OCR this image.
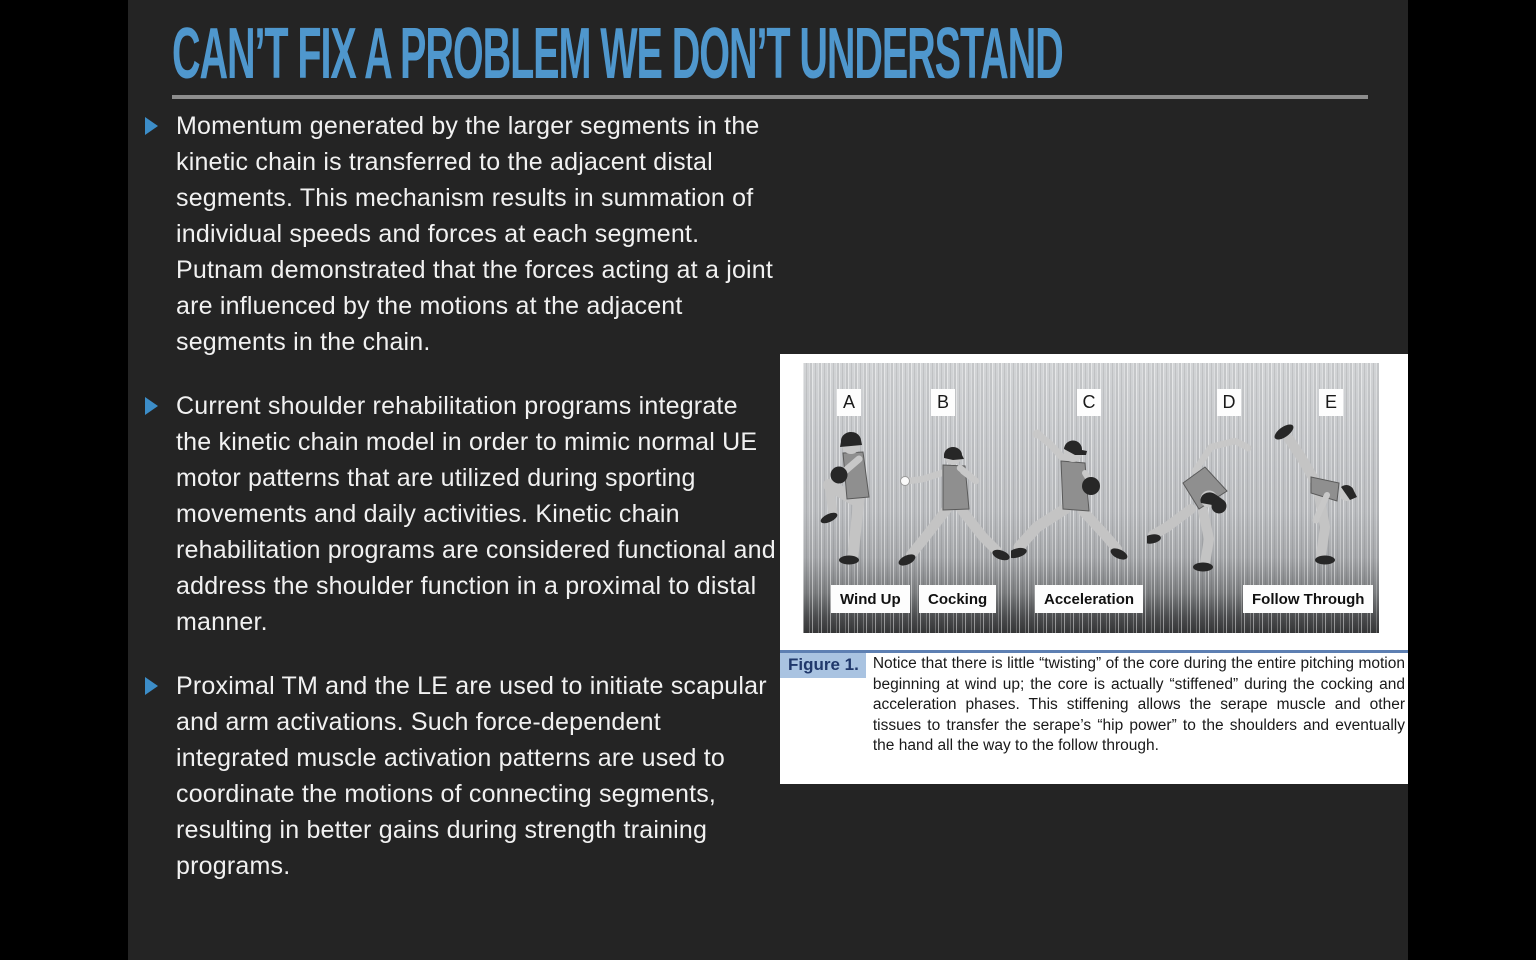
CAN’T FIX A PROBLEM WE DON’T UNDERSTAND

Momentum generated by the larger segments in the kinetic chain is transferred to the adjacent distal segments. This mechanism results in summation of individual speeds and forces at each segment. Putnam demonstrated that the forces acting at a joint are influenced by the motions at the adjacent segments in the chain.

Current shoulder rehabilitation programs integrate the kinetic chain model in order to mimic normal UE motor patterns that are utilized during sporting movements and daily activities. Kinetic chain rehabilitation programs are considered functional and address the shoulder function in a proximal to distal manner.

Proximal TM and the LE are used to initiate scapular and arm activations. Such force-dependent integrated muscle activation patterns are used to coordinate the motions of connecting segments, resulting in better gains during strength training programs.

A	B	C	D	E
Wind Up	Cocking	Acceleration	Follow Through
Figure 1. Notice that there is little “twisting” of the core during the entire pitching motion beginning at wind up; the core is actually “stiffened” during the cocking and acceleration phases. This stiffening allows the serape muscle and other tissues to transfer the serape’s “hip power” to the shoulders and eventually the hand all the way to the follow through.
